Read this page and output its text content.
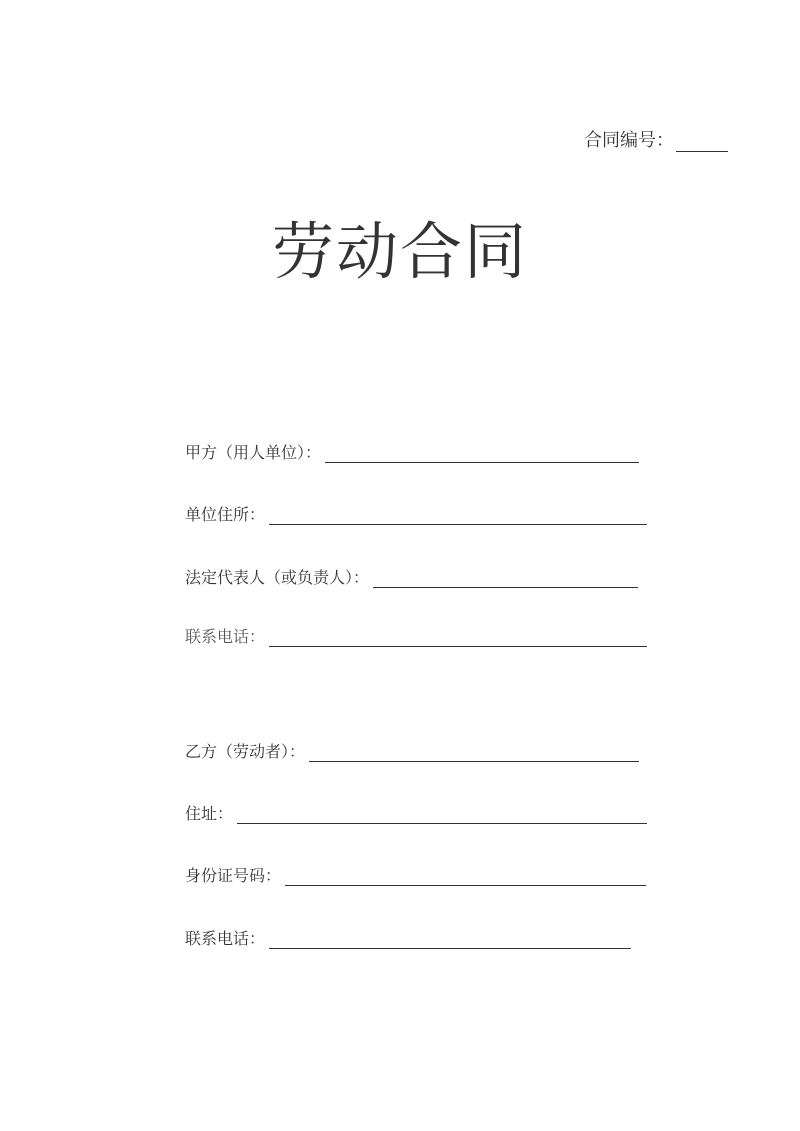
合同编号：
劳动合同
甲方（用人单位）：
单位住所：
法定代表人（或负责人）：
联系电话：
乙方（劳动者）：
住址：
身份证号码：
联系电话：
